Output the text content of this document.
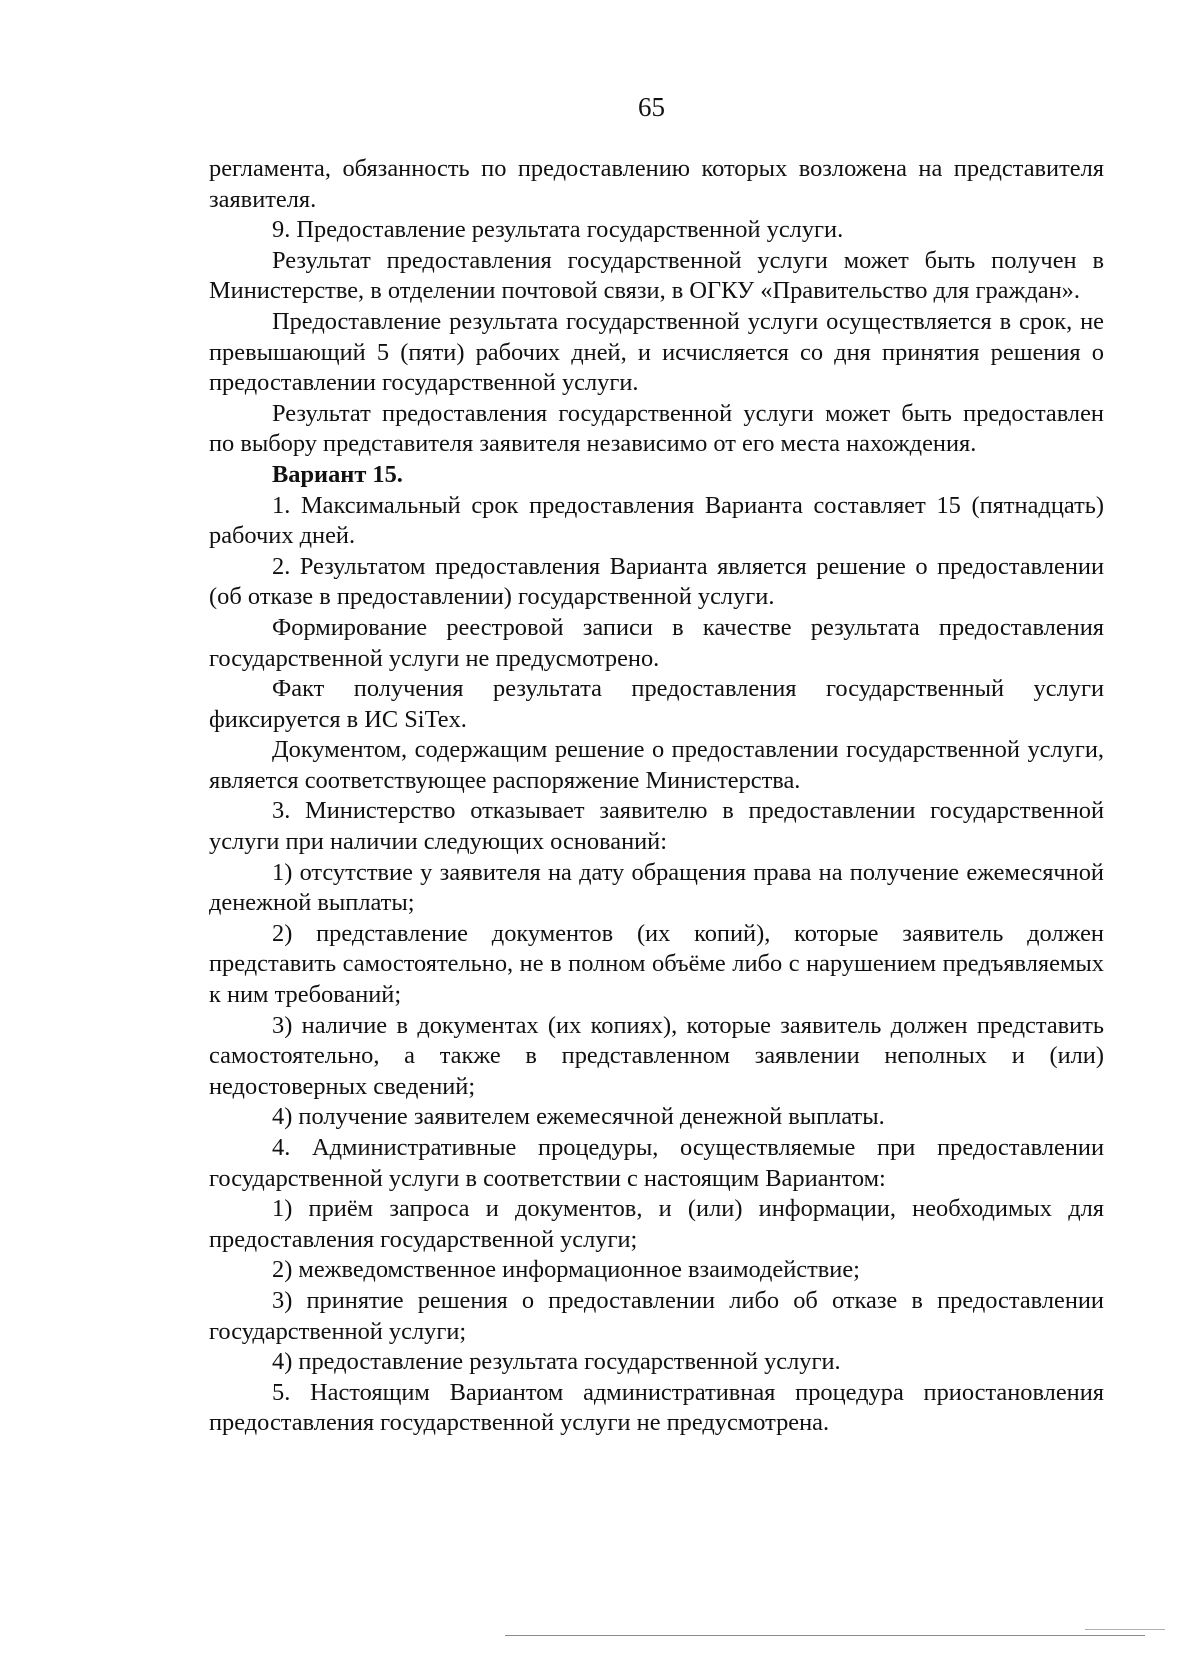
65

регламента, обязанность по предоставлению которых возложена на представителя заявителя.

9. Предоставление результата государственной услуги.

Результат предоставления государственной услуги может быть получен в Министерстве, в отделении почтовой связи, в ОГКУ «Правительство для граждан».

Предоставление результата государственной услуги осуществляется в срок, не превышающий 5 (пяти) рабочих дней, и исчисляется со дня принятия решения о предоставлении государственной услуги.

Результат предоставления государственной услуги может быть предоставлен по выбору представителя заявителя независимо от его места нахождения.

Вариант 15.

1. Максимальный срок предоставления Варианта составляет 15 (пятнадцать) рабочих дней.

2. Результатом предоставления Варианта является решение о предоставлении (об отказе в предоставлении) государственной услуги.

Формирование реестровой записи в качестве результата предоставления государственной услуги не предусмотрено.

Факт получения результата предоставления государственный услуги фиксируется в ИС SiTex.

Документом, содержащим решение о предоставлении государственной услуги, является соответствующее распоряжение Министерства.

3. Министерство отказывает заявителю в предоставлении государственной услуги при наличии следующих оснований:

1) отсутствие у заявителя на дату обращения права на получение ежемесячной денежной выплаты;

2) представление документов (их копий), которые заявитель должен представить самостоятельно, не в полном объёме либо с нарушением предъявляемых к ним требований;

3) наличие в документах (их копиях), которые заявитель должен представить самостоятельно, а также в представленном заявлении неполных и (или) недостоверных сведений;

4) получение заявителем ежемесячной денежной выплаты.

4. Административные процедуры, осуществляемые при предоставлении государственной услуги в соответствии с настоящим Вариантом:

1) приём запроса и документов, и (или) информации, необходимых для предоставления государственной услуги;

2) межведомственное информационное взаимодействие;

3) принятие решения о предоставлении либо об отказе в предоставлении государственной услуги;

4) предоставление результата государственной услуги.

5. Настоящим Вариантом административная процедура приостановления предоставления государственной услуги не предусмотрена.
